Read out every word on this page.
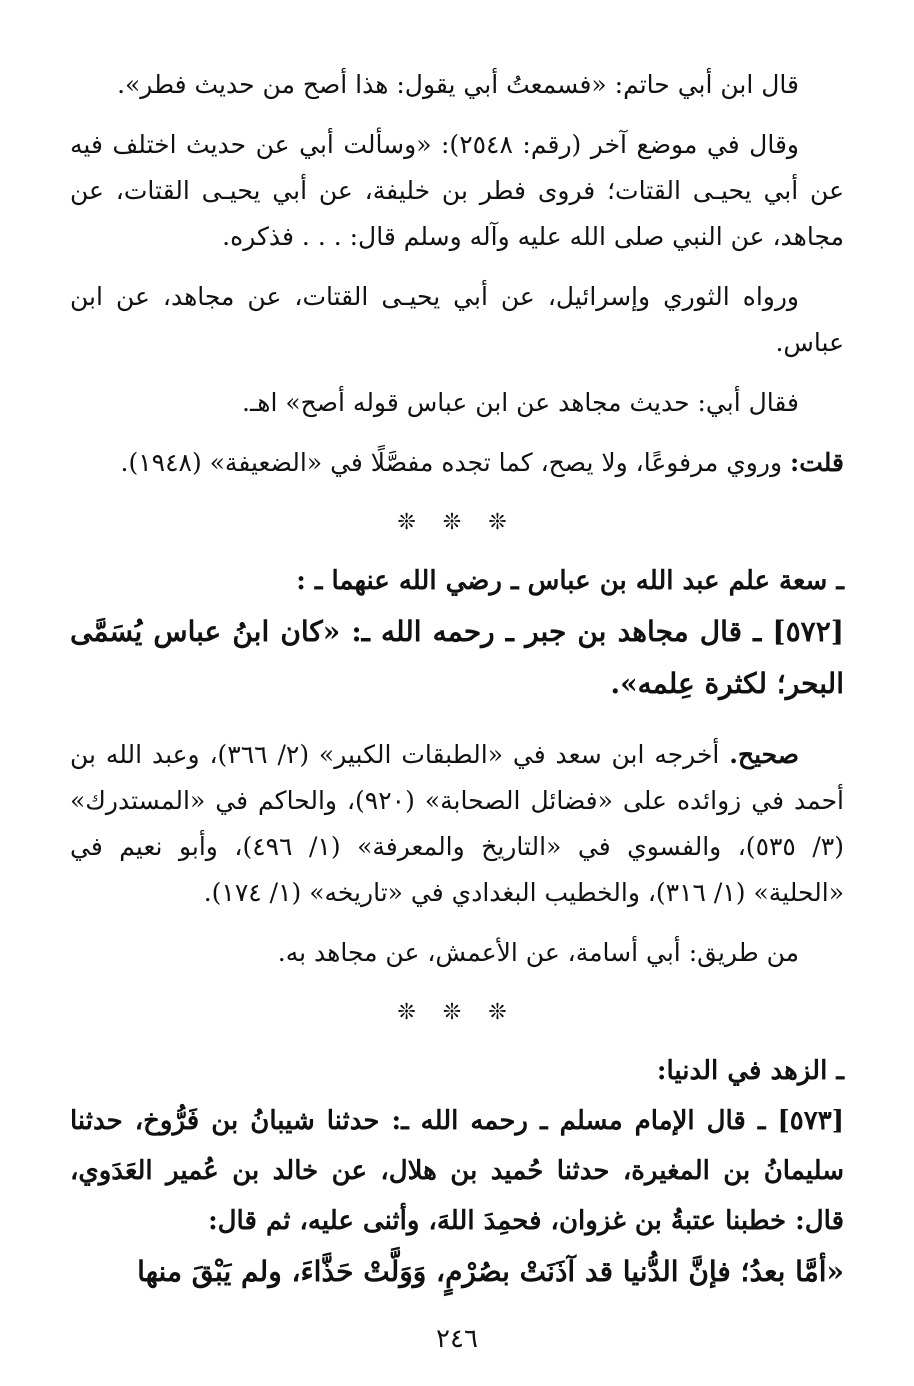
قال ابن أبي حاتم: «فسمعتُ أبي يقول: هذا أصح من حديث فطر».

وقال في موضع آخر (رقم: ٢٥٤٨): «وسألت أبي عن حديث اختلف فيه عن أبي يحيـى القتات؛ فروى فطر بن خليفة، عن أبي يحيـى القتات، عن مجاهد، عن النبي صلى الله عليه وآله وسلم قال: . . . فذكره.

ورواه الثوري وإسرائيل، عن أبي يحيـى القتات، عن مجاهد، عن ابن عباس.

فقال أبي: حديث مجاهد عن ابن عباس قوله أصح» اهـ.

قلت: وروي مرفوعًا، ولا يصح، كما تجده مفصَّلًا في «الضعيفة» (١٩٤٨).

❊ ❊ ❊

ـ سعة علم عبد الله بن عباس ـ رضي الله عنهما ـ :

[٥٧٢] ـ قال مجاهد بن جبر ـ رحمه الله ـ: «كان ابنُ عباس يُسَمَّى البحر؛ لكثرة عِلمه».

صحيح. أخرجه ابن سعد في «الطبقات الكبير» (٢/ ٣٦٦)، وعبد الله بن أحمد في زوائده على «فضائل الصحابة» (٩٢٠)، والحاكم في «المستدرك» (٣/ ٥٣٥)، والفسوي في «التاريخ والمعرفة» (١/ ٤٩٦)، وأبو نعيم في «الحلية» (١/ ٣١٦)، والخطيب البغدادي في «تاريخه» (١/ ١٧٤).

من طريق: أبي أسامة، عن الأعمش، عن مجاهد به.

❊ ❊ ❊

ـ الزهد في الدنيا:

[٥٧٣] ـ قال الإمام مسلم ـ رحمه الله ـ: حدثنا شيبانُ بن فَرُّوخ، حدثنا سليمانُ بن المغيرة، حدثنا حُميد بن هلال، عن خالد بن عُمير العَدَوي، قال: خطبنا عتبةُ بن غزوان، فحمِدَ اللهَ، وأثنى عليه، ثم قال:

«أمَّا بعدُ؛ فإنَّ الدُّنيا قد آذَنَتْ بصُرْمٍ، وَوَلَّتْ حَذَّاءَ، ولم يَبْقَ منها

٢٤٦
